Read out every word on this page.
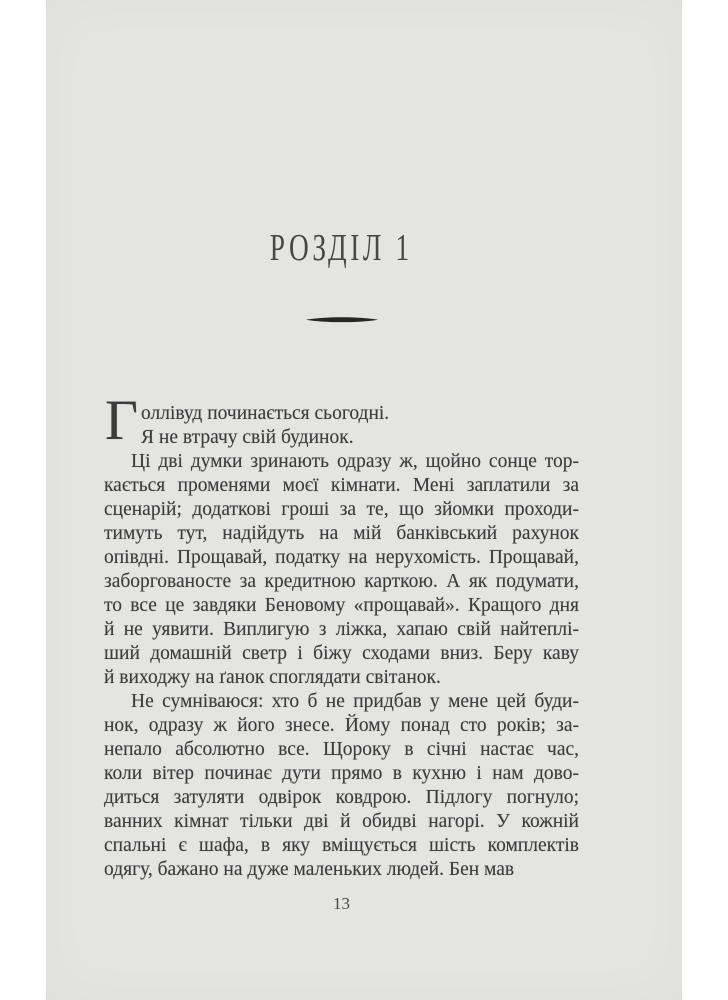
РОЗДІЛ 1
Г оллівуд починається сьогодні.
Я не втрачу свій будинок.
Ці дві думки зринають одразу ж, щойно сонце тор-
кається променями моєї кімнати. Мені заплатили за
сценарій; додаткові гроші за те, що зйомки проходи-
тимуть тут, надійдуть на мій банківський рахунок
опівдні. Прощавай, податку на нерухомість. Прощавай,
заборгованосте за кредитною карткою. А як подумати,
то все це завдяки Беновому «прощавай». Кращого дня
й не уявити. Виплигую з ліжка, хапаю свій найтеплі-
ший домашній светр і біжу сходами вниз. Беру каву
й виходжу на ґанок споглядати світанок.
Не сумніваюся: хто б не придбав у мене цей буди-
нок, одразу ж його знесе. Йому понад сто років; за-
непало абсолютно все. Щороку в січні настає час,
коли вітер починає дути прямо в кухню і нам дово-
диться затуляти одвірок ковдрою. Підлогу погнуло;
ванних кімнат тільки дві й обидві нагорі. У кожній
спальні є шафа, в яку вміщується шість комплектів
одягу, бажано на дуже маленьких людей. Бен мав
13
